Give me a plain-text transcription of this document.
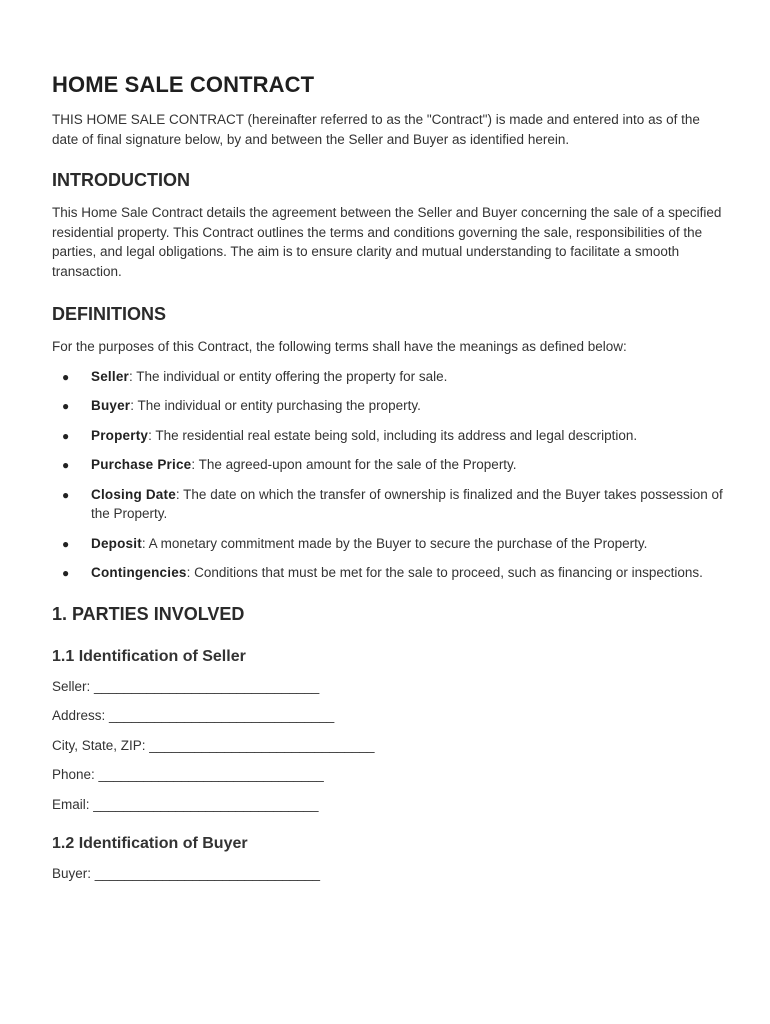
HOME SALE CONTRACT

THIS HOME SALE CONTRACT (hereinafter referred to as the "Contract") is made and entered into as of the date of final signature below, by and between the Seller and Buyer as identified herein.

INTRODUCTION

This Home Sale Contract details the agreement between the Seller and Buyer concerning the sale of a specified residential property. This Contract outlines the terms and conditions governing the sale, responsibilities of the parties, and legal obligations. The aim is to ensure clarity and mutual understanding to facilitate a smooth transaction.

DEFINITIONS

For the purposes of this Contract, the following terms shall have the meanings as defined below:

● Seller: The individual or entity offering the property for sale.
● Buyer: The individual or entity purchasing the property.
● Property: The residential real estate being sold, including its address and legal description.
● Purchase Price: The agreed-upon amount for the sale of the Property.
● Closing Date: The date on which the transfer of ownership is finalized and the Buyer takes possession of the Property.
● Deposit: A monetary commitment made by the Buyer to secure the purchase of the Property.
● Contingencies: Conditions that must be met for the sale to proceed, such as financing or inspections.
1. PARTIES INVOLVED
1.1 Identification of Seller
Seller: ______________________________
Address: ______________________________
City, State, ZIP: ______________________________
Phone: ______________________________
Email: ______________________________
1.2 Identification of Buyer
Buyer: ______________________________
